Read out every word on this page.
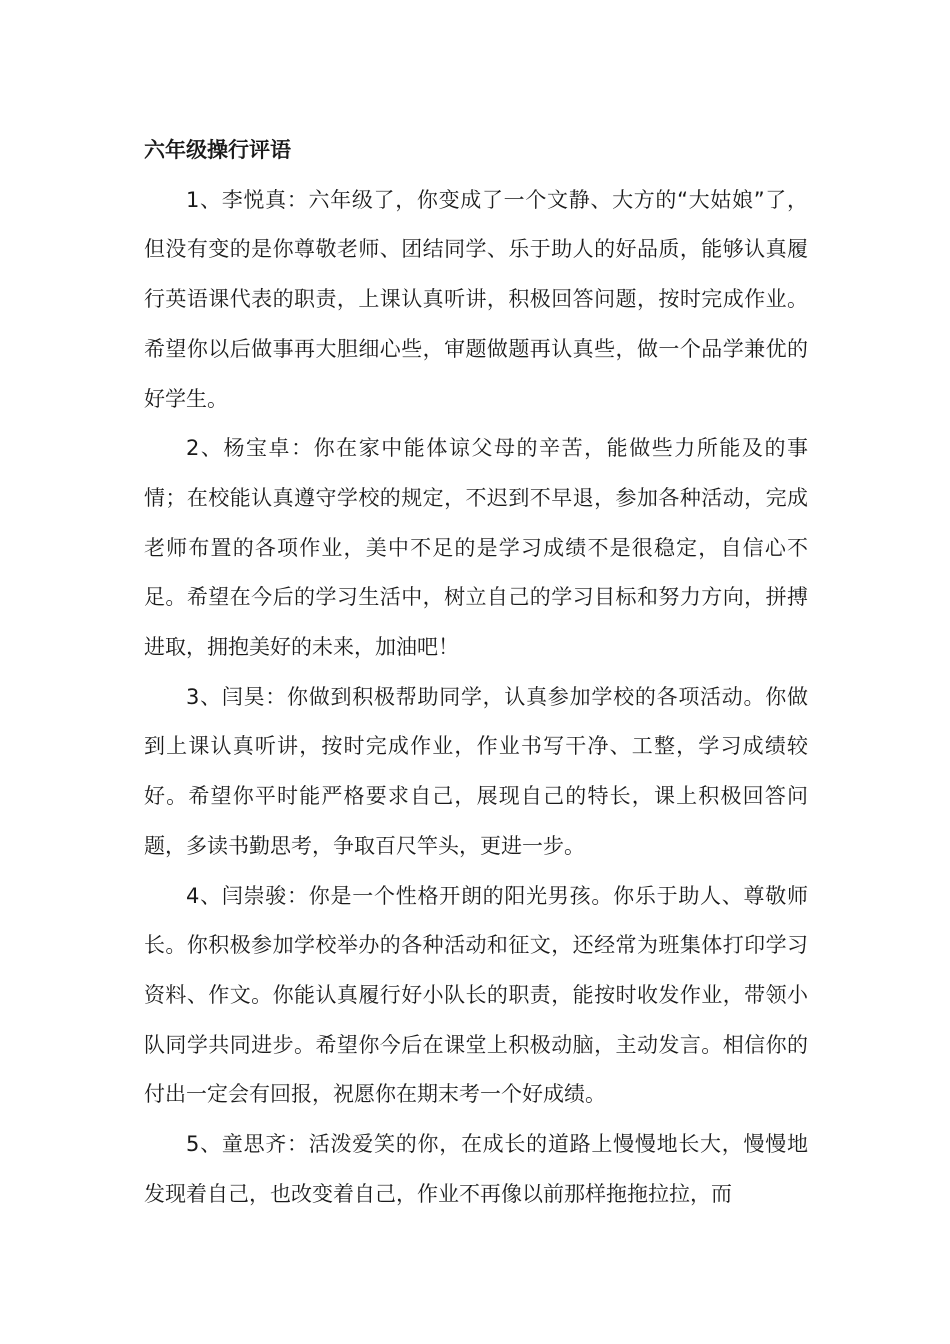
六年级操行评语

1、李悦真：六年级了，你变成了一个文静、大方的“大姑娘”了，但没有变的是你尊敬老师、团结同学、乐于助人的好品质，能够认真履行英语课代表的职责，上课认真听讲，积极回答问题，按时完成作业。希望你以后做事再大胆细心些，审题做题再认真些，做一个品学兼优的好学生。

2、杨宝卓：你在家中能体谅父母的辛苦，能做些力所能及的事情；在校能认真遵守学校的规定，不迟到不早退，参加各种活动，完成老师布置的各项作业，美中不足的是学习成绩不是很稳定，自信心不足。希望在今后的学习生活中，树立自己的学习目标和努力方向，拼搏进取，拥抱美好的未来，加油吧！

3、闫昊：你做到积极帮助同学，认真参加学校的各项活动。你做到上课认真听讲，按时完成作业，作业书写干净、工整，学习成绩较好。希望你平时能严格要求自己，展现自己的特长，课上积极回答问题，多读书勤思考，争取百尺竿头，更进一步。

4、闫崇骏：你是一个性格开朗的阳光男孩。你乐于助人、尊敬师长。你积极参加学校举办的各种活动和征文，还经常为班集体打印学习资料、作文。你能认真履行好小队长的职责，能按时收发作业，带领小队同学共同进步。希望你今后在课堂上积极动脑，主动发言。相信你的付出一定会有回报，祝愿你在期末考一个好成绩。

5、童思齐：活泼爱笑的你，在成长的道路上慢慢地长大，慢慢地发现着自己，也改变着自己，作业不再像以前那样拖拖拉拉，而
